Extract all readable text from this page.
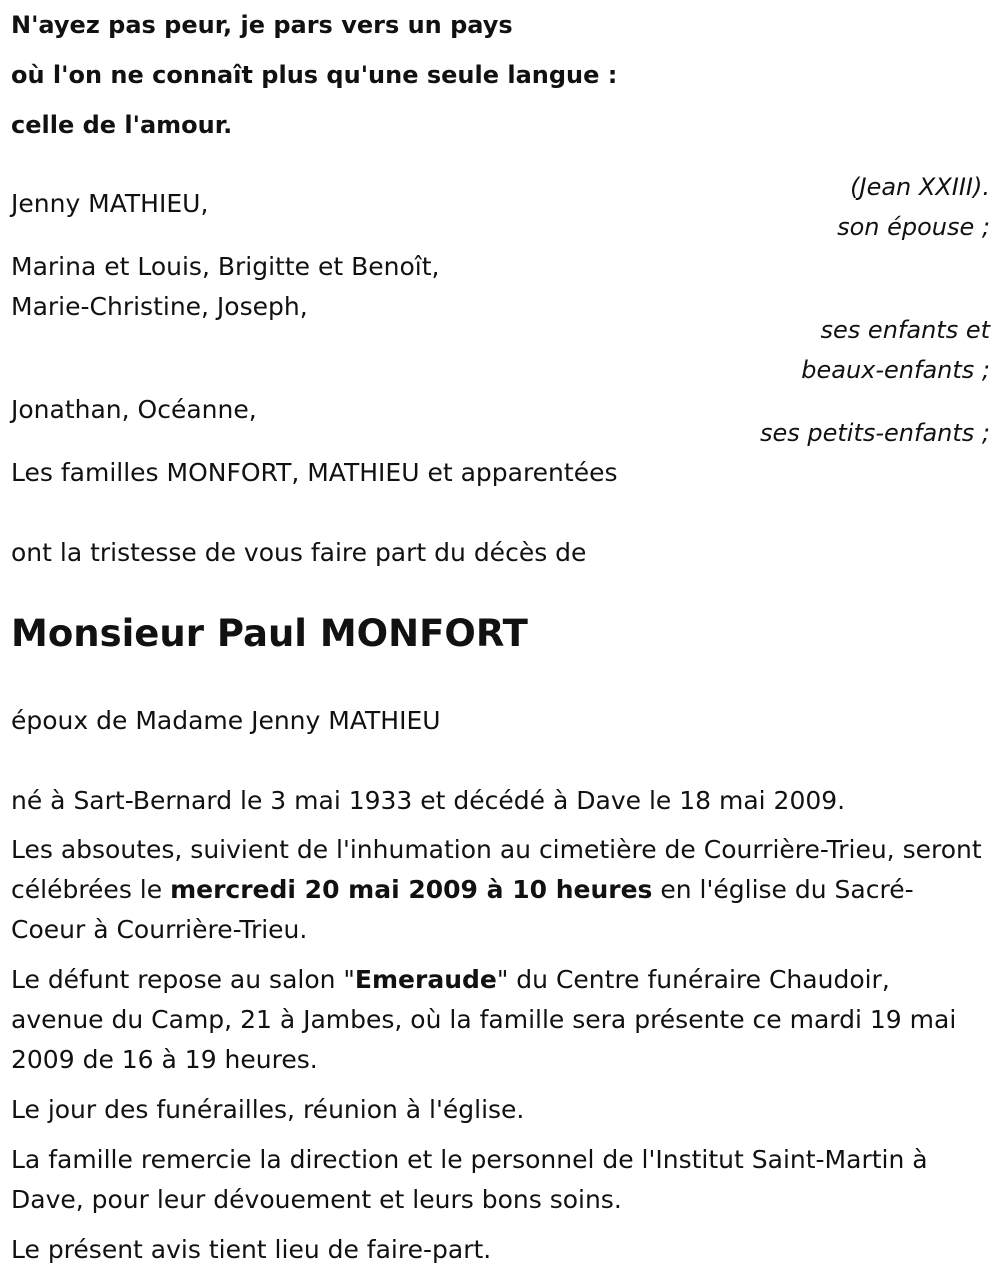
N'ayez pas peur, je pars vers un pays

où l'on ne connaît plus qu'une seule langue :

celle de l'amour.

(Jean XXIII).
Jenny MATHIEU,
son épouse ;
Marina et Louis, Brigitte et Benoît,
Marie-Christine, Joseph,
ses enfants et
beaux-enfants ;
Jonathan, Océanne,
ses petits-enfants ;
Les familles MONFORT, MATHIEU et apparentées
ont la tristesse de vous faire part du décès de
Monsieur Paul MONFORT
époux de Madame Jenny MATHIEU
né à Sart-Bernard le 3 mai 1933 et décédé à Dave le 18 mai 2009.

Les absoutes, suivient de l'inhumation au cimetière de Courrière-Trieu, seront célébrées le mercredi 20 mai 2009 à 10 heures en l'église du Sacré-Coeur à Courrière-Trieu.

Le défunt repose au salon "Emeraude" du Centre funéraire Chaudoir, avenue du Camp, 21 à Jambes, où la famille sera présente ce mardi 19 mai 2009 de 16 à 19 heures.

Le jour des funérailles, réunion à l'église.

La famille remercie la direction et le personnel de l'Institut Saint-Martin à Dave, pour leur dévouement et leurs bons soins.

Le présent avis tient lieu de faire-part.
